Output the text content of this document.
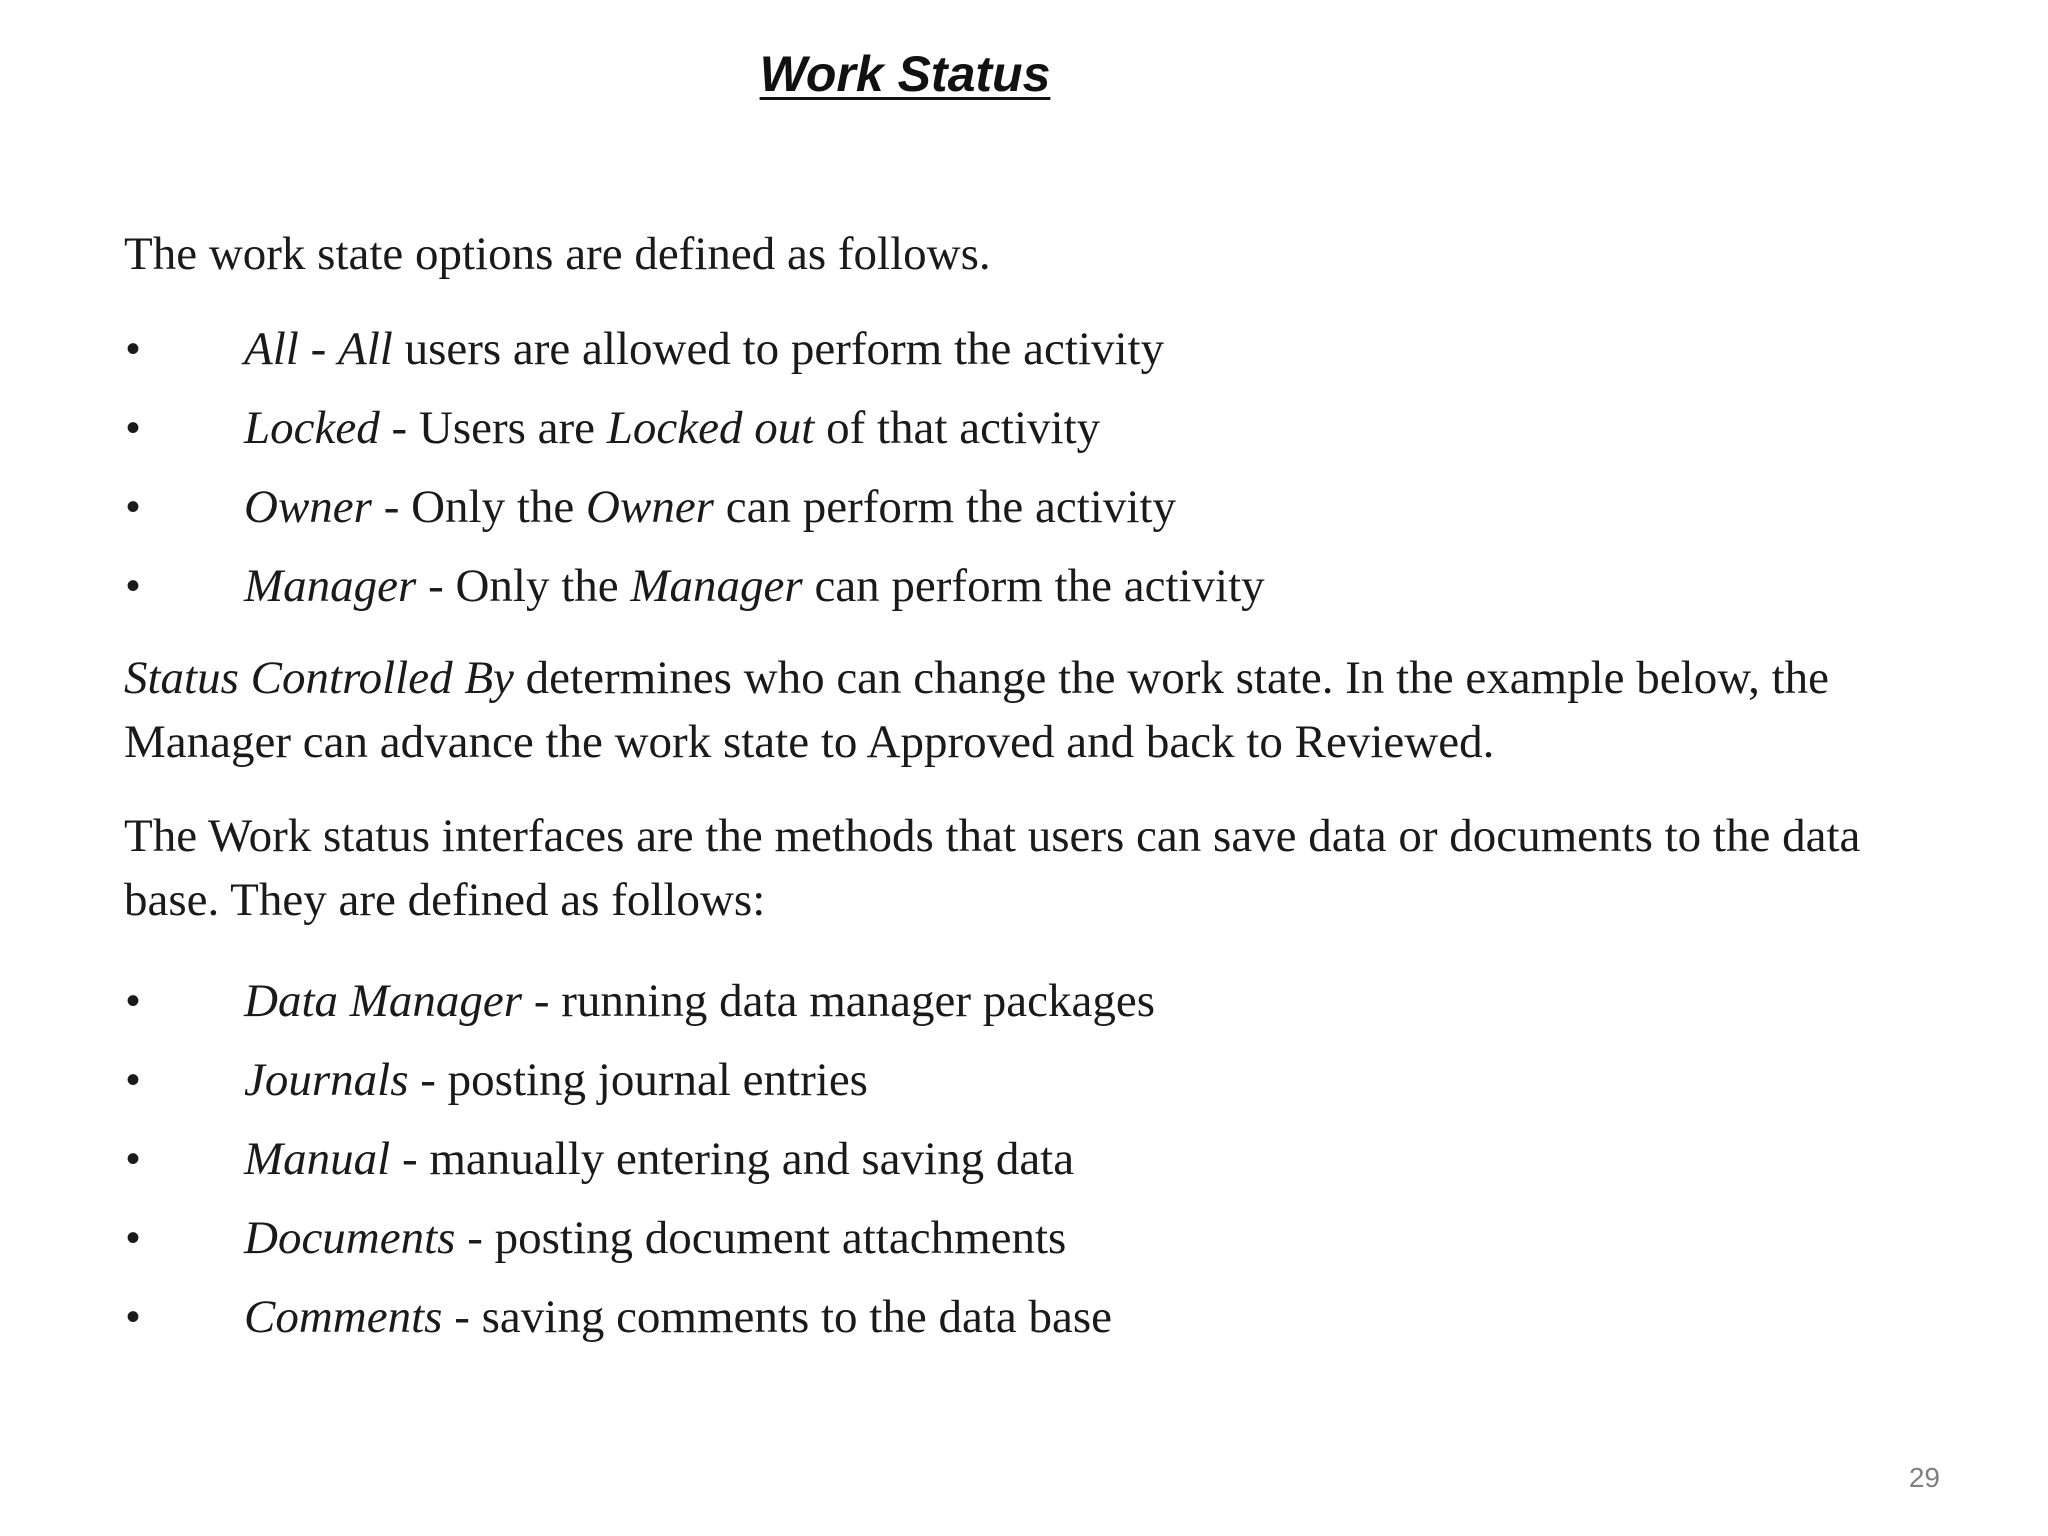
Work Status

The work state options are defined as follows.

• All - All users are allowed to perform the activity
• Locked - Users are Locked out of that activity
• Owner - Only the Owner can perform the activity
• Manager - Only the Manager can perform the activity

Status Controlled By determines who can change the work state. In the example below, the Manager can advance the work state to Approved and back to Reviewed.

The Work status interfaces are the methods that users can save data or documents to the data base. They are defined as follows:

• Data Manager - running data manager packages
• Journals - posting journal entries
• Manual - manually entering and saving data
• Documents - posting document attachments
• Comments - saving comments to the data base
29
